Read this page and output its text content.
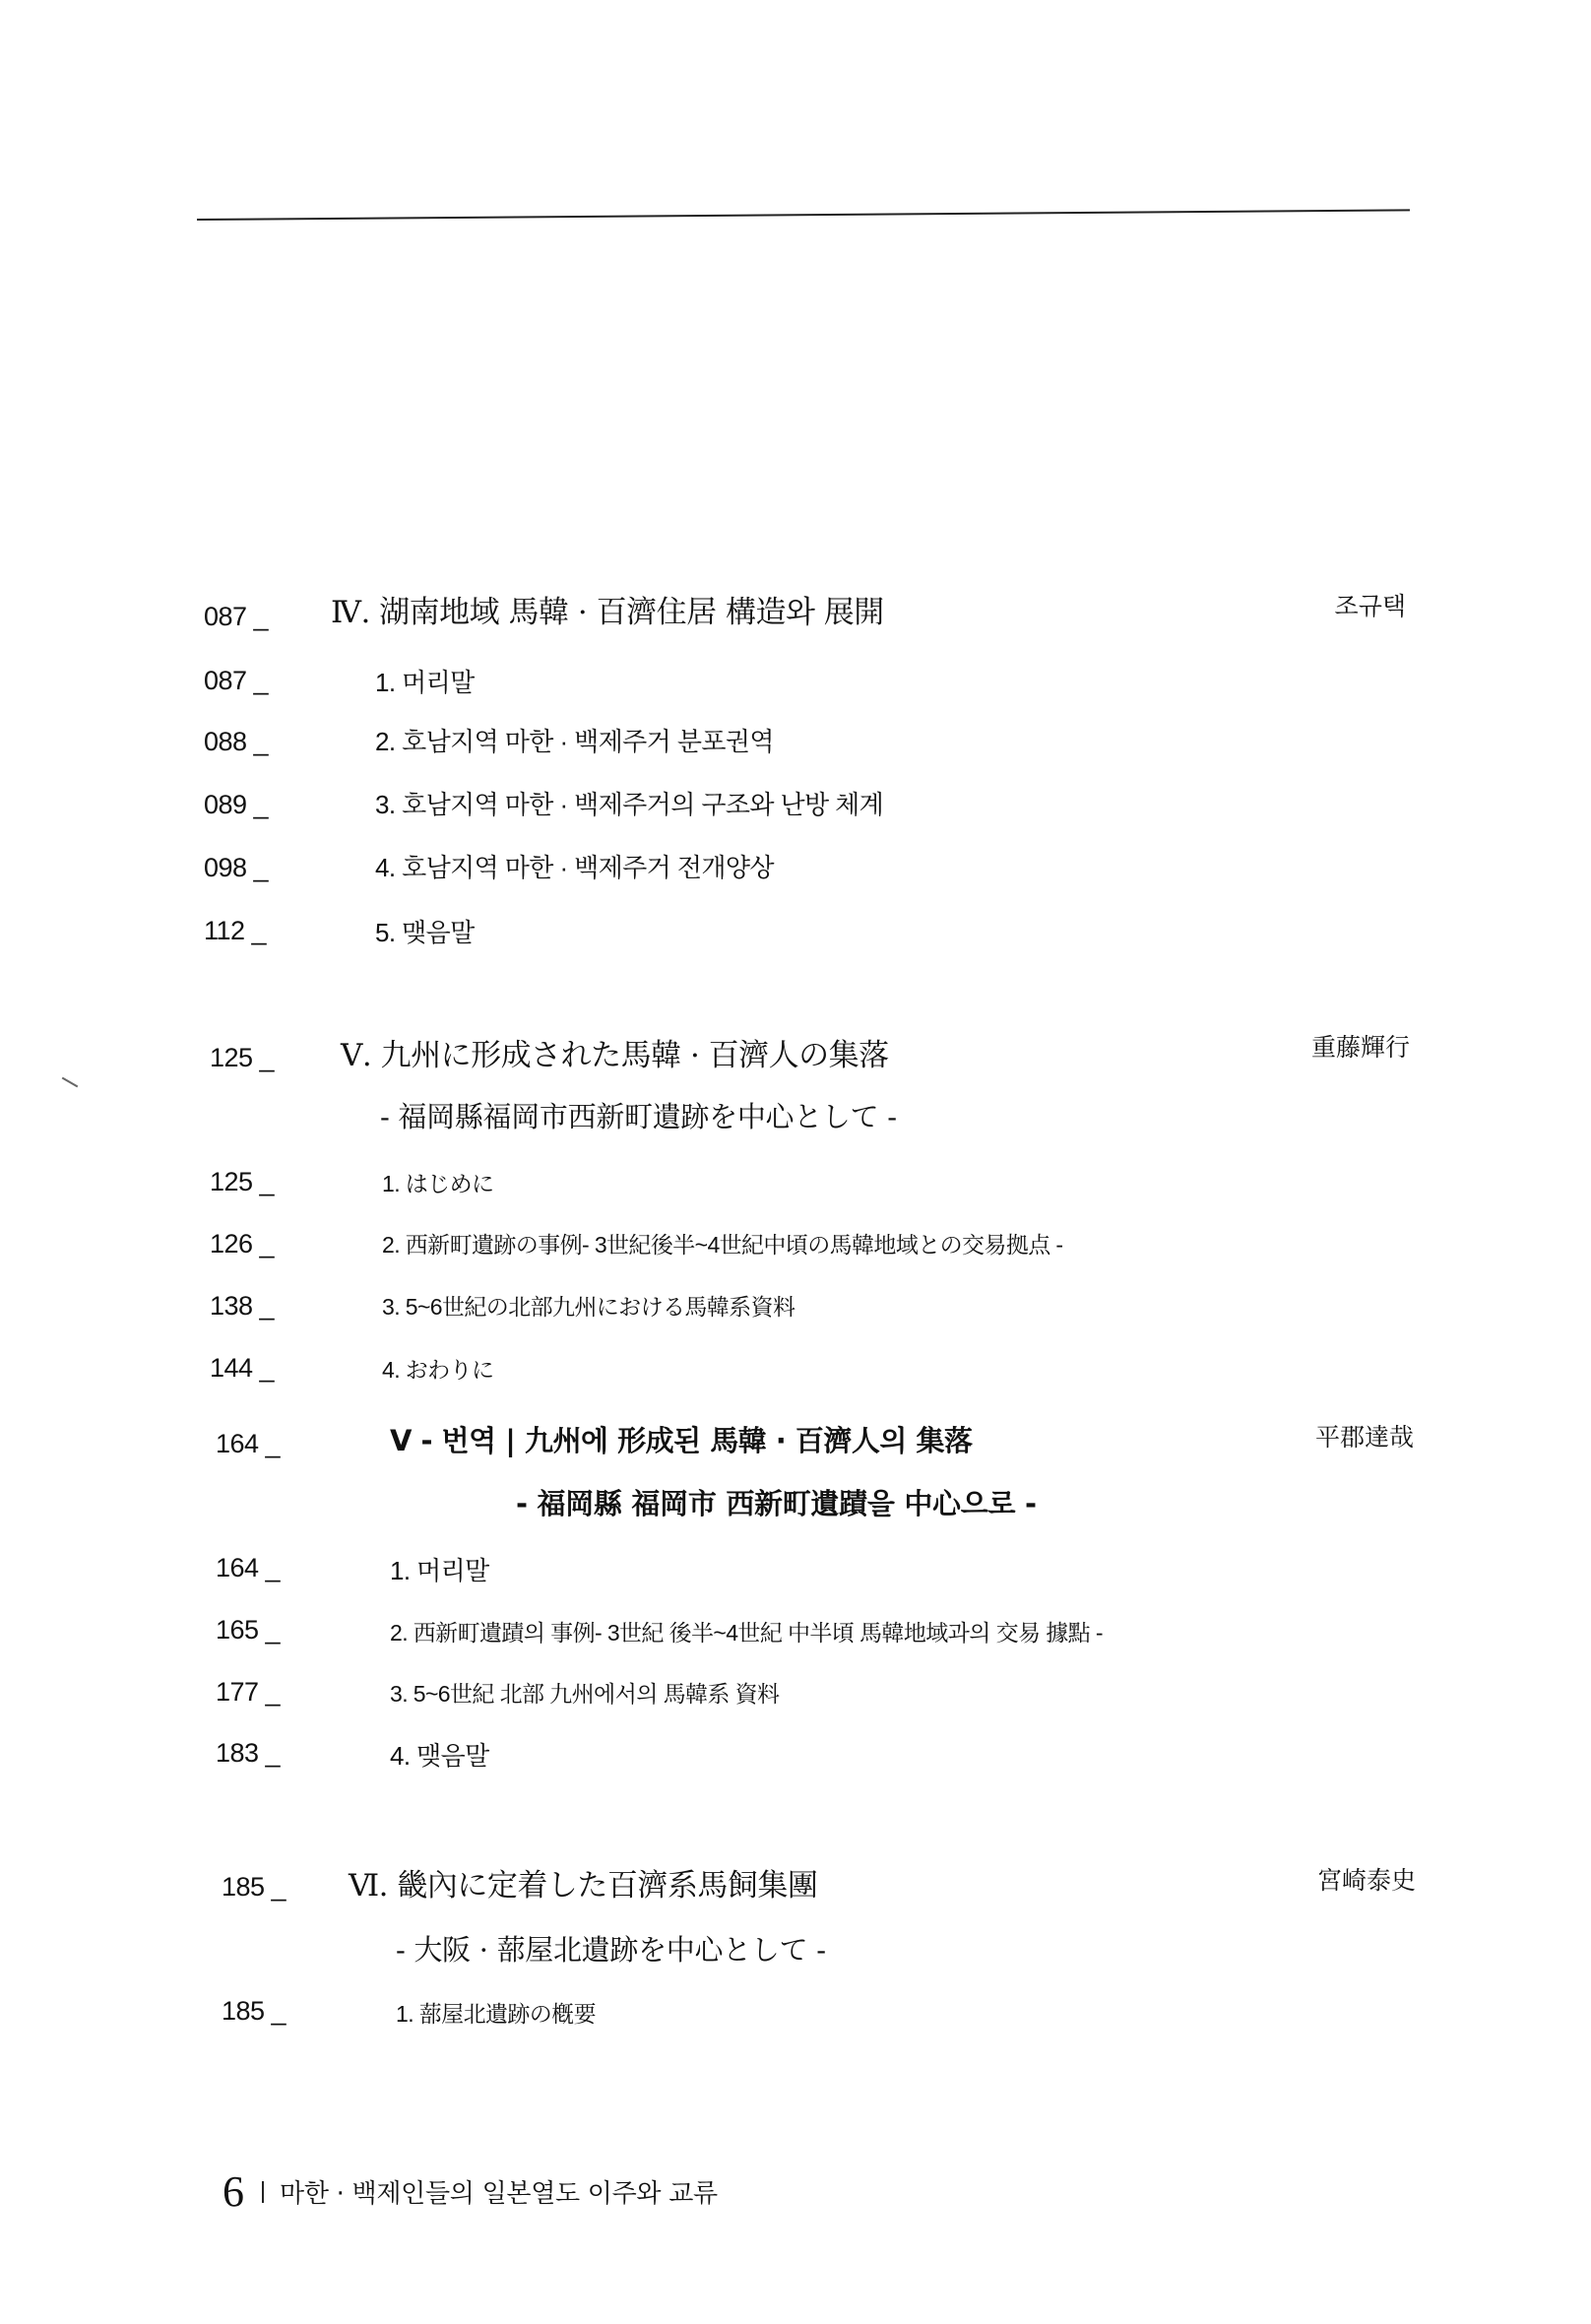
087 _ Ⅳ. 湖南地域 馬韓 · 百濟住居 構造와 展開	조규택
087 _	1. 머리말
088 _	2. 호남지역 마한 · 백제주거 분포권역
089 _	3. 호남지역 마한 · 백제주거의 구조와 난방 체계
098 _	4. 호남지역 마한 · 백제주거 전개양상
112 _	5. 맺음말
125 _ Ⅴ. 九州に形成された馬韓 · 百濟人の集落	重藤輝行
- 福岡縣福岡市西新町遺跡を中心として -
125 _	1. はじめに
126 _	2. 西新町遺跡の事例- 3世紀後半~4世紀中頃の馬韓地域との交易拠点 -
138 _	3. 5~6世紀の北部九州における馬韓系資料
144 _	4. おわりに
164 _	Ⅴ - 번역 | 九州에 形成된 馬韓 · 百濟人의 集落	平郡達哉
- 福岡縣 福岡市 西新町遺蹟을 中心으로 -
164 _	1. 머리말
165 _	2. 西新町遺蹟의 事例- 3世紀 後半~4世紀 中半頃 馬韓地域과의 交易 據點 -
177 _	3. 5~6世紀 北部 九州에서의 馬韓系 資料
183 _	4. 맺음말
185 _ Ⅵ. 畿內に定着した百濟系馬飼集團	宮崎泰史
- 大阪 · 蔀屋北遺跡を中心として -
185 _	1. 蔀屋北遺跡の槪要
6 마한 · 백제인들의 일본열도 이주와 교류
